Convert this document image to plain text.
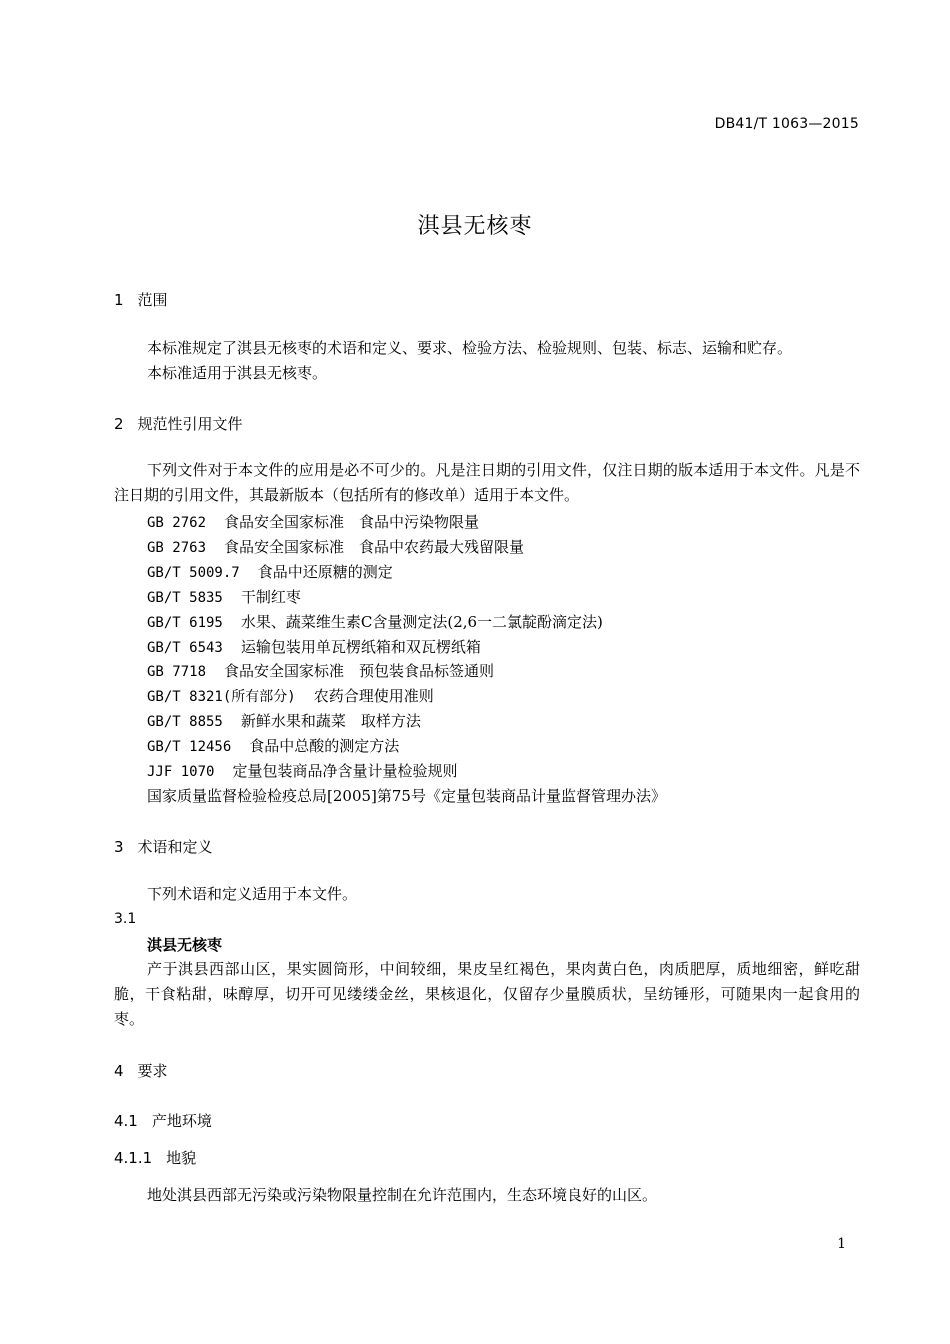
DB41/T 1063—2015
淇县无核枣
1 范围
本标准规定了淇县无核枣的术语和定义、要求、检验方法、检验规则、包装、标志、运输和贮存。
本标准适用于淇县无核枣。
2 规范性引用文件
下列文件对于本文件的应用是必不可少的。凡是注日期的引用文件，仅注日期的版本适用于本文件。凡是不注日期的引用文件，其最新版本（包括所有的修改单）适用于本文件。
GB 2762 食品安全国家标准　食品中污染物限量
GB 2763 食品安全国家标准　食品中农药最大残留限量
GB/T 5009.7 食品中还原糖的测定
GB/T 5835 干制红枣
GB/T 6195 水果、蔬菜维生素C含量测定法(2,6一二氯靛酚滴定法)
GB/T 6543 运输包装用单瓦楞纸箱和双瓦楞纸箱
GB 7718 食品安全国家标准　预包装食品标签通则
GB/T 8321(所有部分) 农药合理使用准则
GB/T 8855 新鲜水果和蔬菜　取样方法
GB/T 12456 食品中总酸的测定方法
JJF 1070 定量包装商品净含量计量检验规则
国家质量监督检验检疫总局[2005]第75号《定量包装商品计量监督管理办法》
3 术语和定义
下列术语和定义适用于本文件。
3.1
淇县无核枣
产于淇县西部山区，果实圆筒形，中间较细，果皮呈红褐色，果肉黄白色，肉质肥厚，质地细密，鲜吃甜脆，干食粘甜，味醇厚，切开可见缕缕金丝，果核退化，仅留存少量膜质状，呈纺锤形，可随果肉一起食用的枣。
4 要求
4.1 产地环境
4.1.1 地貌
地处淇县西部无污染或污染物限量控制在允许范围内，生态环境良好的山区。
1
